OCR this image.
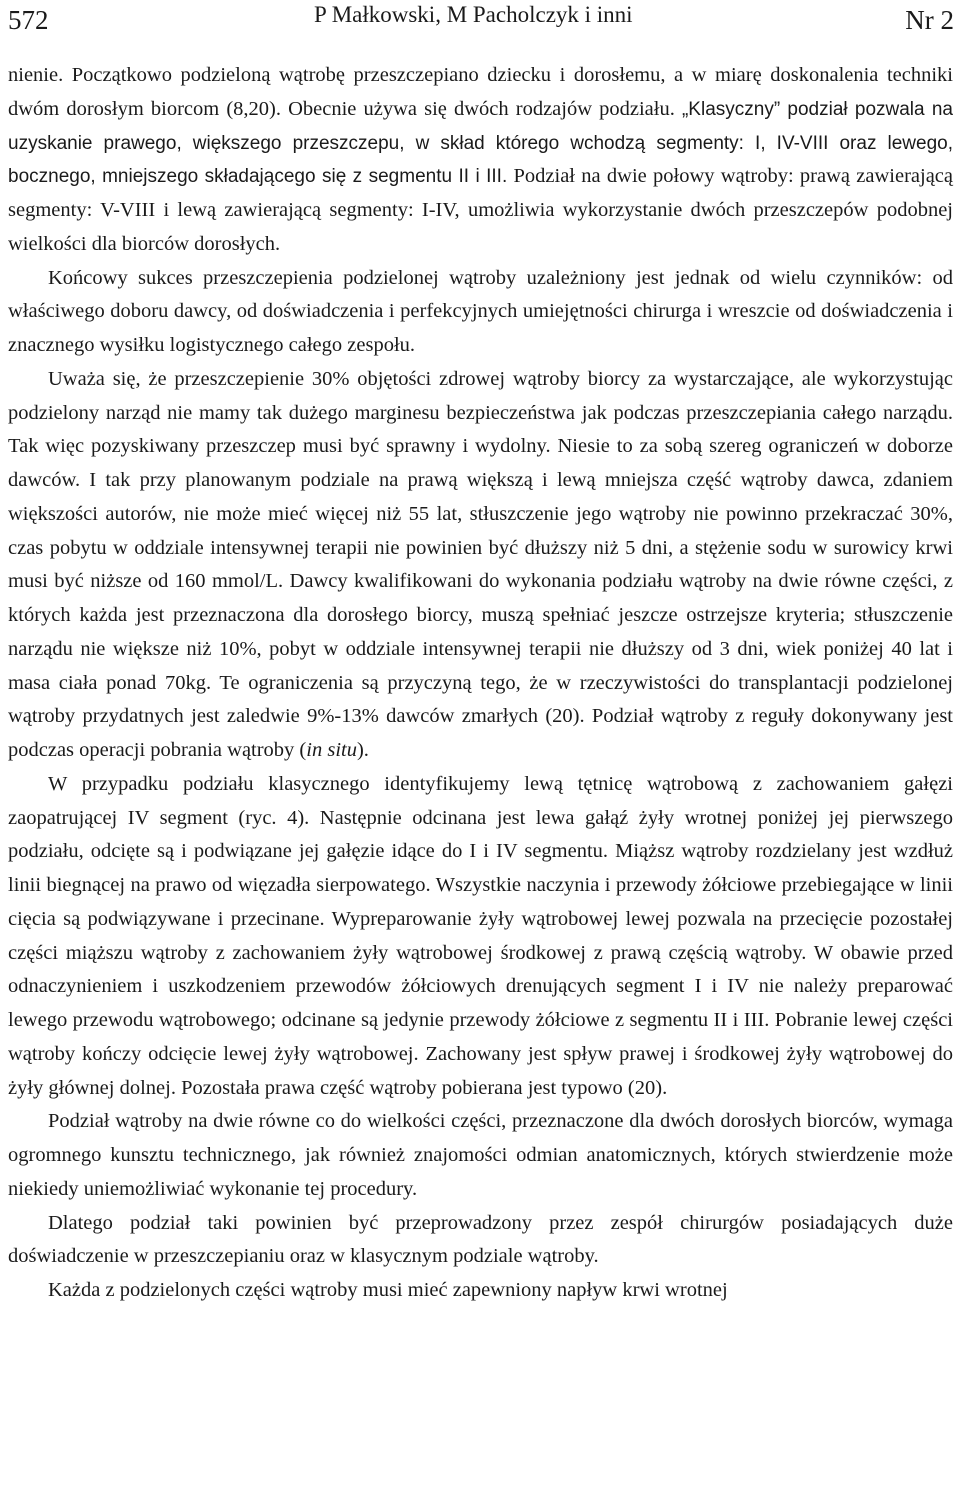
572	P Małkowski, M Pacholczyk i inni	Nr 2

nienie. Początkowo podzieloną wątrobę przeszczepiano dziecku i dorosłemu, a w miarę doskonalenia techniki dwóm dorosłym biorcom (8,20). Obecnie używa się dwóch rodzajów podziału. „Klasyczny” podział pozwala na uzyskanie prawego, większego przeszczepu, w skład którego wchodzą segmenty: I, IV-VIII oraz lewego, bocznego, mniejszego składającego się z segmentu II i III. Podział na dwie połowy wątroby: prawą zawierającą segmenty: V-VIII i lewą zawierającą segmenty: I-IV, umożliwia wykorzystanie dwóch przeszczepów podobnej wielkości dla biorców dorosłych.

Końcowy sukces przeszczepienia podzielonej wątroby uzależniony jest jednak od wielu czynników: od właściwego doboru dawcy, od doświadczenia i perfekcyjnych umiejętności chirurga i wreszcie od doświadczenia i znacznego wysiłku logistycznego całego zespołu.

Uważa się, że przeszczepienie 30% objętości zdrowej wątroby biorcy za wystarczające, ale wykorzystując podzielony narząd nie mamy tak dużego marginesu bezpieczeństwa jak podczas przeszczepiania całego narządu. Tak więc pozyskiwany przeszczep musi być sprawny i wydolny. Niesie to za sobą szereg ograniczeń w doborze dawców. I tak przy planowanym podziale na prawą większą i lewą mniejsza część wątroby dawca, zdaniem większości autorów, nie może mieć więcej niż 55 lat, stłuszczenie jego wątroby nie powinno przekraczać 30%, czas pobytu w oddziale intensywnej terapii nie powinien być dłuższy niż 5 dni, a stężenie sodu w surowicy krwi musi być niższe od 160 mmol/L. Dawcy kwalifikowani do wykonania podziału wątroby na dwie równe części, z których każda jest przeznaczona dla dorosłego biorcy, muszą spełniać jeszcze ostrzejsze kryteria; stłuszczenie narządu nie większe niż 10%, pobyt w oddziale intensywnej terapii nie dłuższy od 3 dni, wiek poniżej 40 lat i masa ciała ponad 70kg. Te ograniczenia są przyczyną tego, że w rzeczywistości do transplantacji podzielonej wątroby przydatnych jest zaledwie 9%-13% dawców zmarłych (20). Podział wątroby z reguły dokonywany jest podczas operacji pobrania wątroby (in situ).

W przypadku podziału klasycznego identyfikujemy lewą tętnicę wątrobową z zachowaniem gałęzi zaopatrującej IV segment (ryc. 4). Następnie odcinana jest lewa gałąź żyły wrotnej poniżej jej pierwszego podziału, odcięte są i podwiązane jej gałęzie idące do I i IV segmentu. Miąższ wątroby rozdzielany jest wzdłuż linii biegnącej na prawo od więzadła sierpowatego. Wszystkie naczynia i przewody żółciowe przebiegające w linii cięcia są podwiązywane i przecinane. Wypreparowanie żyły wątrobowej lewej pozwala na przecięcie pozostałej części miąższu wątroby z zachowaniem żyły wątrobowej środkowej z prawą częścią wątroby. W obawie przed odnaczynieniem i uszkodzeniem przewodów żółciowych drenujących segment I i IV nie należy preparować lewego przewodu wątrobowego; odcinane są jedynie przewody żółciowe z segmentu II i III. Pobranie lewej części wątroby kończy odcięcie lewej żyły wątrobowej. Zachowany jest spływ prawej i środkowej żyły wątrobowej do żyły głównej dolnej. Pozostała prawa część wątroby pobierana jest typowo (20).

Podział wątroby na dwie równe co do wielkości części, przeznaczone dla dwóch dorosłych biorców, wymaga ogromnego kunsztu technicznego, jak również znajomości odmian anatomicznych, których stwierdzenie może niekiedy uniemożliwiać wykonanie tej procedury.

Dlatego podział taki powinien być przeprowadzony przez zespół chirurgów posiadających duże doświadczenie w przeszczepianiu oraz w klasycznym podziale wątroby.

Każda z podzielonych części wątroby musi mieć zapewniony napływ krwi wrotnej
